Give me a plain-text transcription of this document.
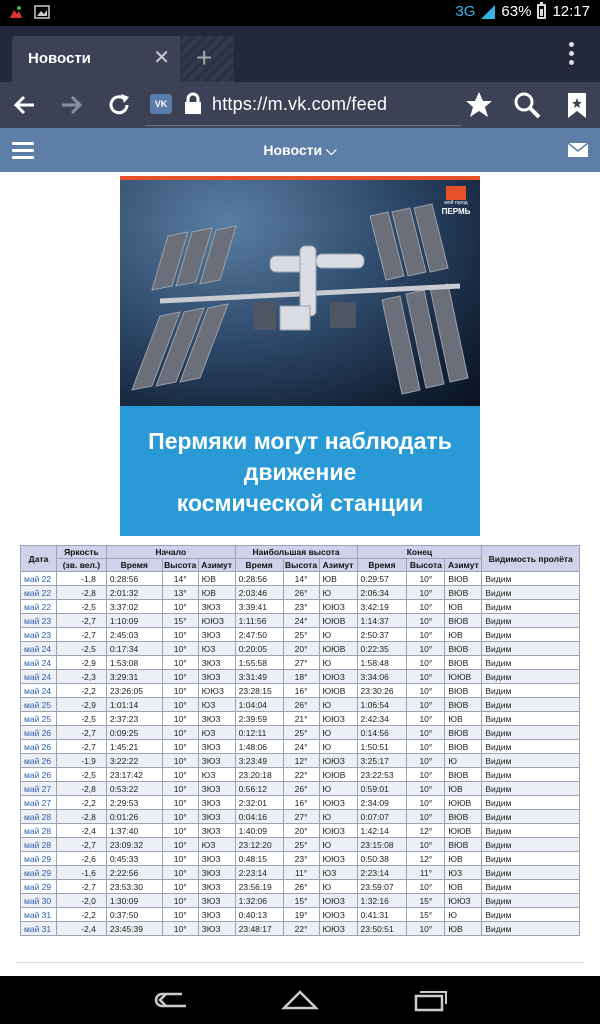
3G 63% 12:17
Новости	✕ +
VK https://m.vk.com/feed
Новости ⌵
мой город
ПЕРМЬ
Пермяки могут наблюдать
движение
космической станции
Дата	Яркость	Начало			Наибольшая высота			Конец			Видимость пролёта
	(зв. вел.)	Время	Высота	Азимут	Время	Высота	Азимут	Время	Высота	Азимут	
май 22	-1,8	0:28:56	14°	ЮВ	0:28:56	14°	ЮВ	0:29:57	10°	ВЮВ	Видим
май 22	-2,8	2:01:32	13°	ЮВ	2:03:46	26°	Ю	2:06:34	10°	ВЮВ	Видим
май 22	-2,5	3:37:02	10°	ЗЮЗ	3:39:41	23°	ЮЮЗ	3:42:19	10°	ЮВ	Видим
май 23	-2,7	1:10:09	15°	ЮЮЗ	1:11:56	24°	ЮЮВ	1:14:37	10°	ВЮВ	Видим
май 23	-2,7	2:45:03	10°	ЗЮЗ	2:47:50	25°	Ю	2:50:37	10°	ЮВ	Видим
май 24	-2,5	0:17:34	10°	ЮЗ	0:20:05	20°	ЮЮВ	0:22:35	10°	ВЮВ	Видим
май 24	-2,9	1:53:08	10°	ЗЮЗ	1:55:58	27°	Ю	1:58:48	10°	ВЮВ	Видим
май 24	-2,3	3:29:31	10°	ЗЮЗ	3:31:49	18°	ЮЮЗ	3:34:06	10°	ЮЮВ	Видим
май 24	-2,2	23:26:05	10°	ЮЮЗ	23:28:15	16°	ЮЮВ	23:30:26	10°	ВЮВ	Видим
май 25	-2,9	1:01:14	10°	ЮЗ	1:04:04	26°	Ю	1:06:54	10°	ВЮВ	Видим
май 25	-2,5	2:37:23	10°	ЗЮЗ	2:39:59	21°	ЮЮЗ	2:42:34	10°	ЮВ	Видим
май 26	-2,7	0:09:25	10°	ЮЗ	0:12:11	25°	Ю	0:14:56	10°	ВЮВ	Видим
май 26	-2,7	1:45:21	10°	ЗЮЗ	1:48:06	24°	Ю	1:50:51	10°	ВЮВ	Видим
май 26	-1,9	3:22:22	10°	ЗЮЗ	3:23:49	12°	ЮЮЗ	3:25:17	10°	Ю	Видим
май 26	-2,5	23:17:42	10°	ЮЗ	23:20:18	22°	ЮЮВ	23:22:53	10°	ВЮВ	Видим
май 27	-2,8	0:53:22	10°	ЗЮЗ	0:56:12	26°	Ю	0:59:01	10°	ЮВ	Видим
май 27	-2,2	2:29:53	10°	ЗЮЗ	2:32:01	16°	ЮЮЗ	2:34:09	10°	ЮЮВ	Видим
май 28	-2,8	0:01:26	10°	ЗЮЗ	0:04:16	27°	Ю	0:07:07	10°	ВЮВ	Видим
май 28	-2,4	1:37:40	10°	ЗЮЗ	1:40:09	20°	ЮЮЗ	1:42:14	12°	ЮЮВ	Видим
май 28	-2,7	23:09:32	10°	ЮЗ	23:12:20	25°	Ю	23:15:08	10°	ВЮВ	Видим
май 29	-2,6	0:45:33	10°	ЗЮЗ	0:48:15	23°	ЮЮЗ	0:50:38	12°	ЮВ	Видим
май 29	-1,6	2:22:56	10°	ЗЮЗ	2:23:14	11°	ЮЗ	2:23:14	11°	ЮЗ	Видим
май 29	-2,7	23:53:30	10°	ЗЮЗ	23:56:19	26°	Ю	23:59:07	10°	ЮВ	Видим
май 30	-2,0	1:30:09	10°	ЗЮЗ	1:32:06	15°	ЮЮЗ	1:32:16	15°	ЮЮЗ	Видим
май 31	-2,2	0:37:50	10°	ЗЮЗ	0:40:13	19°	ЮЮЗ	0:41:31	15°	Ю	Видим
май 31	-2,4	23:45:39	10°	ЗЮЗ	23:48:17	22°	ЮЮЗ	23:50:51	10°	ЮВ	Видим
